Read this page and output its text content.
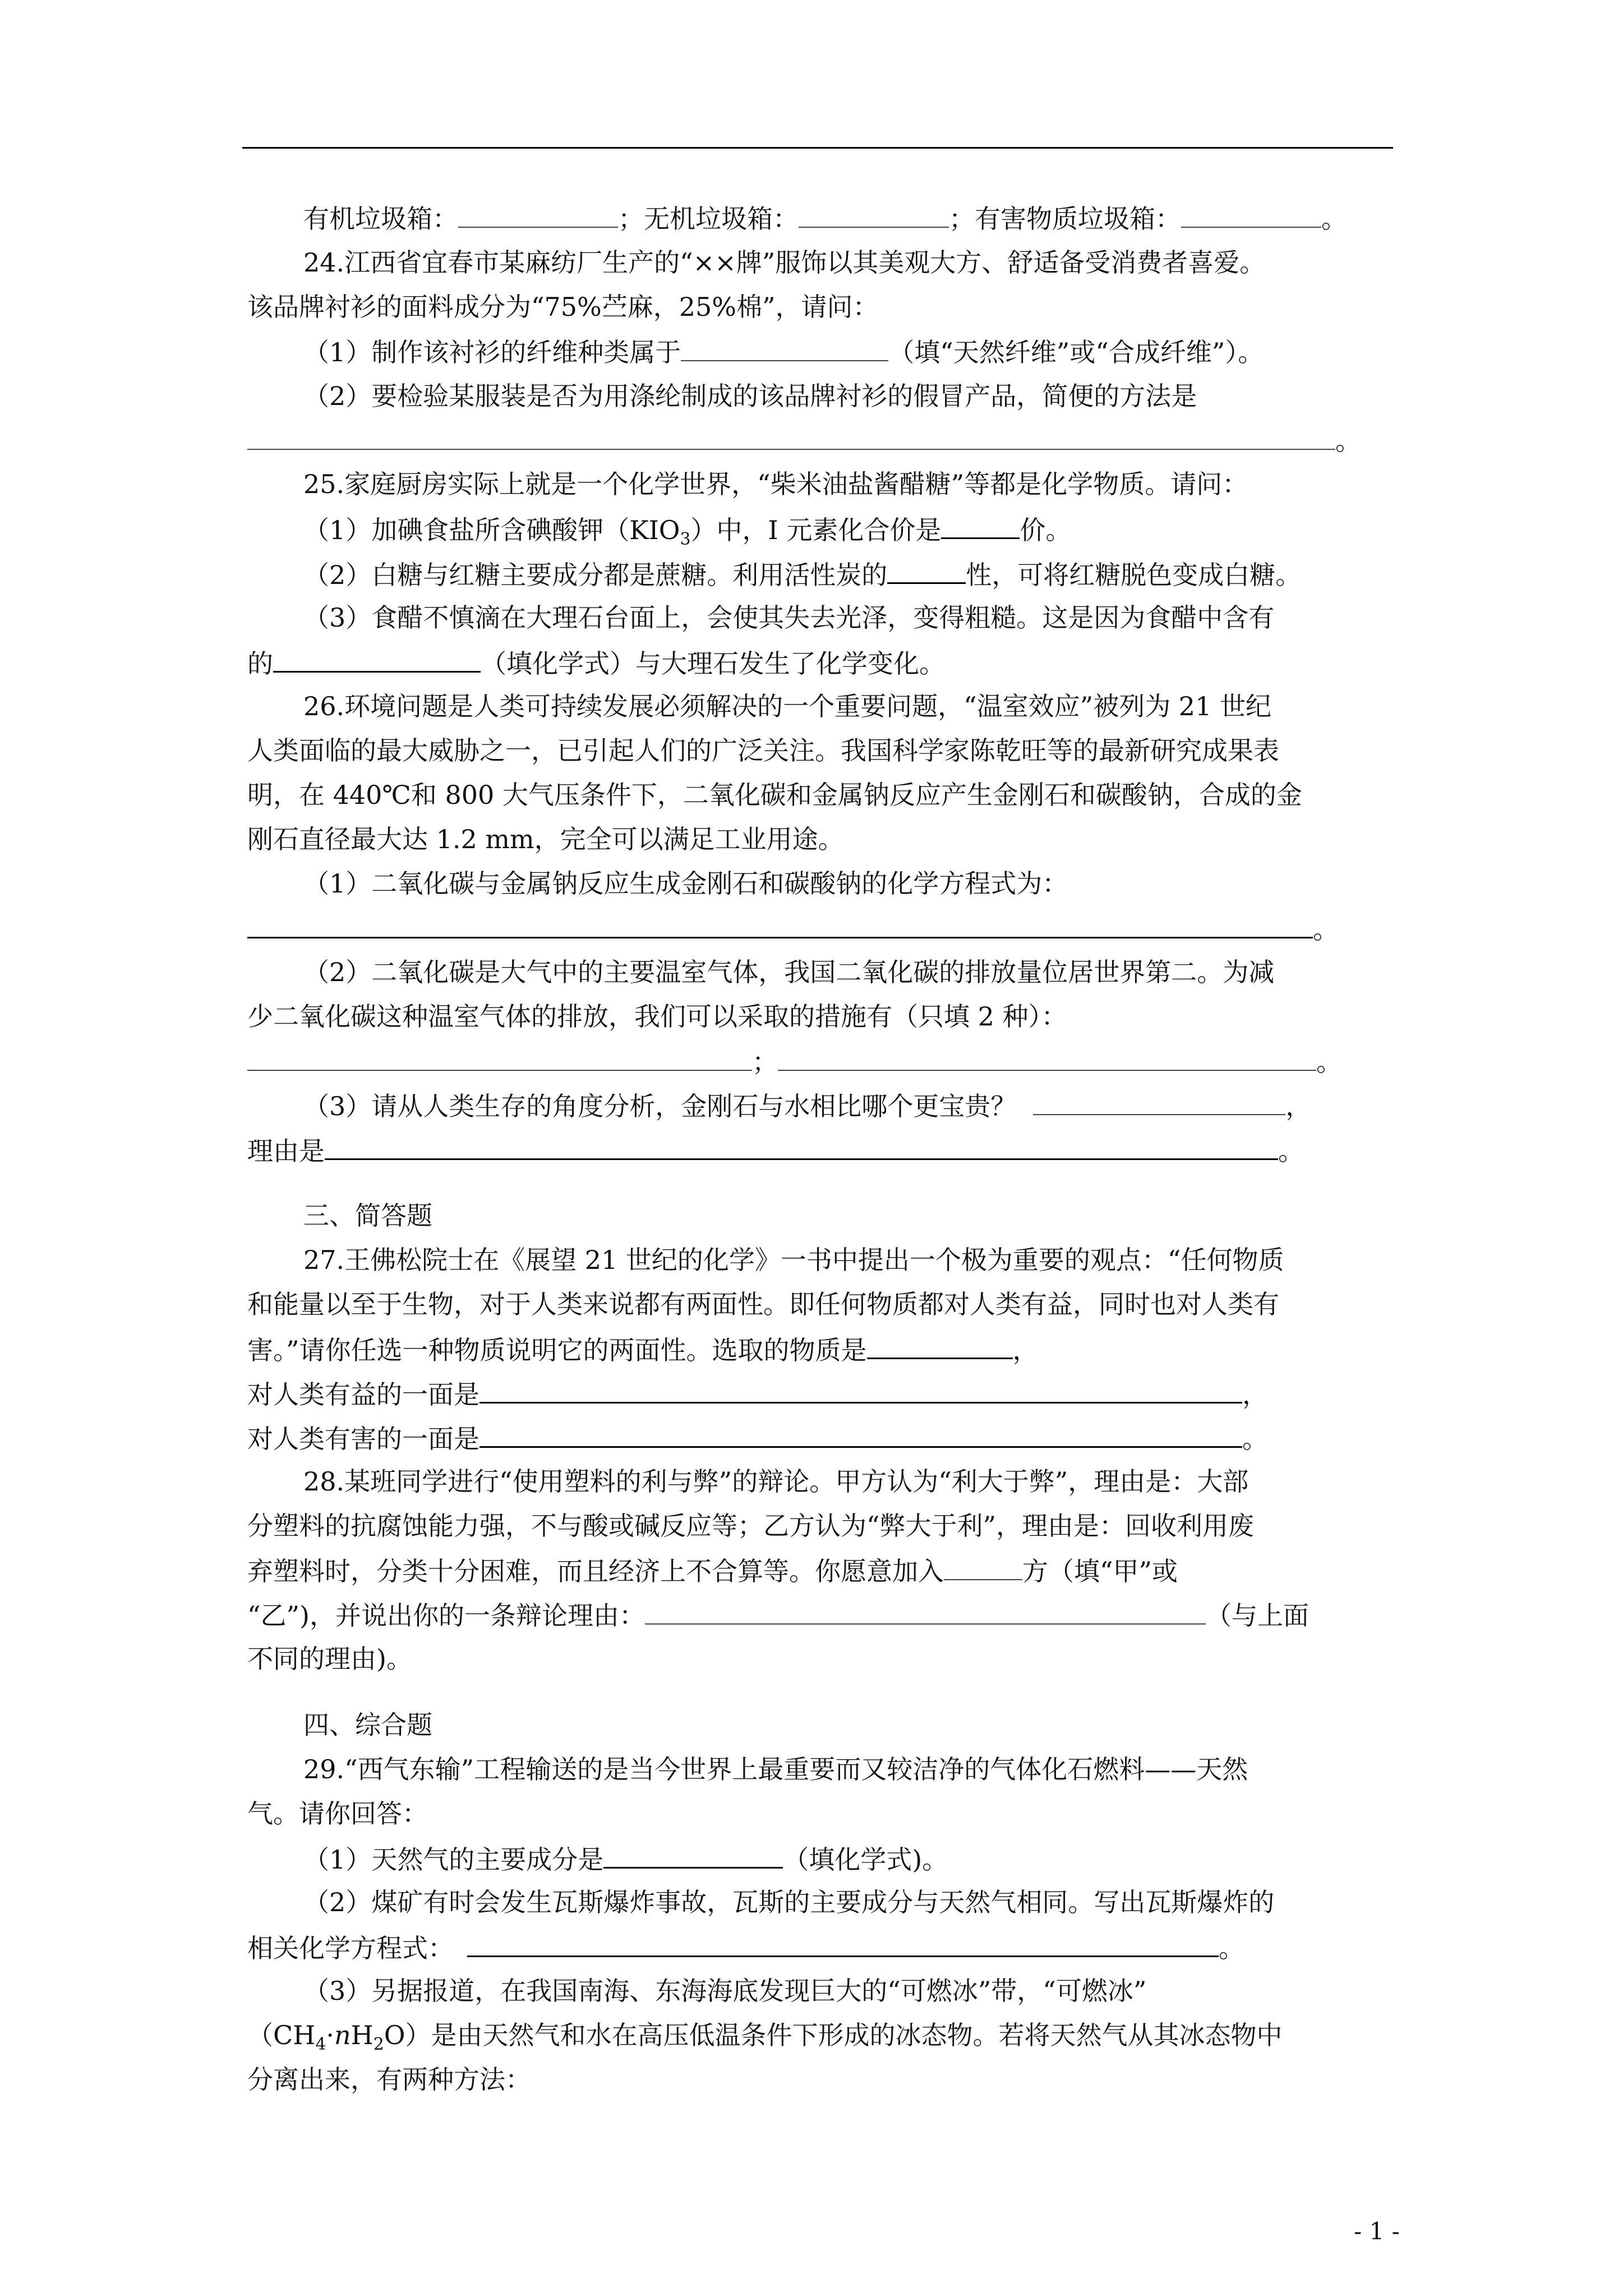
有机垃圾箱：	；无机垃圾箱：	；有害物质垃圾箱：	。
24.江西省宜春市某麻纺厂生产的“××牌”服饰以其美观大方、舒适备受消费者喜爱。
该品牌衬衫的面料成分为“75%苎麻，25%棉”，请问：
（1）制作该衬衫的纤维种类属于	（填“天然纤维”或“合成纤维”）。
（2）要检验某服装是否为用涤纶制成的该品牌衬衫的假冒产品，简便的方法是
。
25.家庭厨房实际上就是一个化学世界，“柴米油盐酱醋糖”等都是化学物质。请问：
（1）加碘食盐所含碘酸钾$(KIO_3)$中，I 元素化合价是	价。
（2）白糖与红糖主要成分都是蔗糖。利用活性炭的	性，可将红糖脱色变成白糖。
（3）食醋不慎滴在大理石台面上，会使其失去光泽，变得粗糙。这是因为食醋中含有
的	（填化学式）与大理石发生了化学变化。
26.环境问题是人类可持续发展必须解决的一个重要问题，“温室效应”被列为 21 世纪
人类面临的最大威胁之一，已引起人们的广泛关注。我国科学家陈乾旺等的最新研究成果表
明，在 440℃和 800 大气压条件下，二氧化碳和金属钠反应产生金刚石和碳酸钠，合成的金
刚石直径最大达 1.2 mm，完全可以满足工业用途。
（1）二氧化碳与金属钠反应生成金刚石和碳酸钠的化学方程式为：
。
（2）二氧化碳是大气中的主要温室气体，我国二氧化碳的排放量位居世界第二。为减
少二氧化碳这种温室气体的排放，我们可以采取的措施有（只填 2 种）：
；	。
（3）请从人类生存的角度分析，金刚石与水相比哪个更宝贵？	，
理由是	。
三、简答题
27.王佛松院士在《展望 21 世纪的化学》一书中提出一个极为重要的观点：“任何物质
和能量以至于生物，对于人类来说都有两面性。即任何物质都对人类有益，同时也对人类有
害。”请你任选一种物质说明它的两面性。选取的物质是	，
对人类有益的一面是	，
对人类有害的一面是	。
28.某班同学进行“使用塑料的利与弊”的辩论。甲方认为“利大于弊”，理由是：大部
分塑料的抗腐蚀能力强，不与酸或碱反应等；乙方认为“弊大于利”，理由是：回收利用废
弃塑料时，分类十分困难，而且经济上不合算等。你愿意加入	方（填“甲”或
“乙”)，并说出你的一条辩论理由：	（与上面
不同的理由)。
四、综合题
29.“西气东输”工程输送的是当今世界上最重要而又较洁净的气体化石燃料——天然
气。请你回答：
（1）天然气的主要成分是	（填化学式)。
（2）煤矿有时会发生瓦斯爆炸事故，瓦斯的主要成分与天然气相同。写出瓦斯爆炸的
相关化学方程式：	。
（3）另据报道，在我国南海、东海海底发现巨大的“可燃冰”带，“可燃冰”
$(CH_4\cdot nH_2O)$是由天然气和水在高压低温条件下形成的冰态物。若将天然气从其冰态物中
分离出来，有两种方法：
- 1 -
